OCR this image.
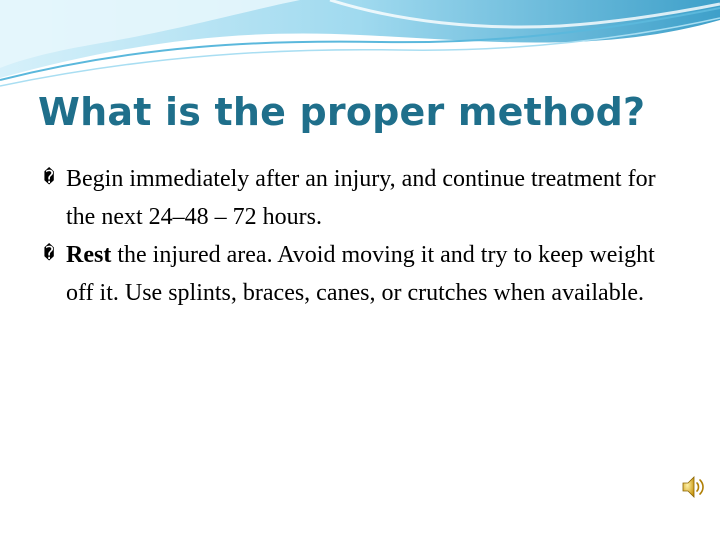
What is the proper method?
� Begin immediately after an injury, and continue treatment for the next 24–48 – 72 hours.
� Rest the injured area. Avoid moving it and try to keep weight off it. Use splints, braces, canes, or crutches when available.
